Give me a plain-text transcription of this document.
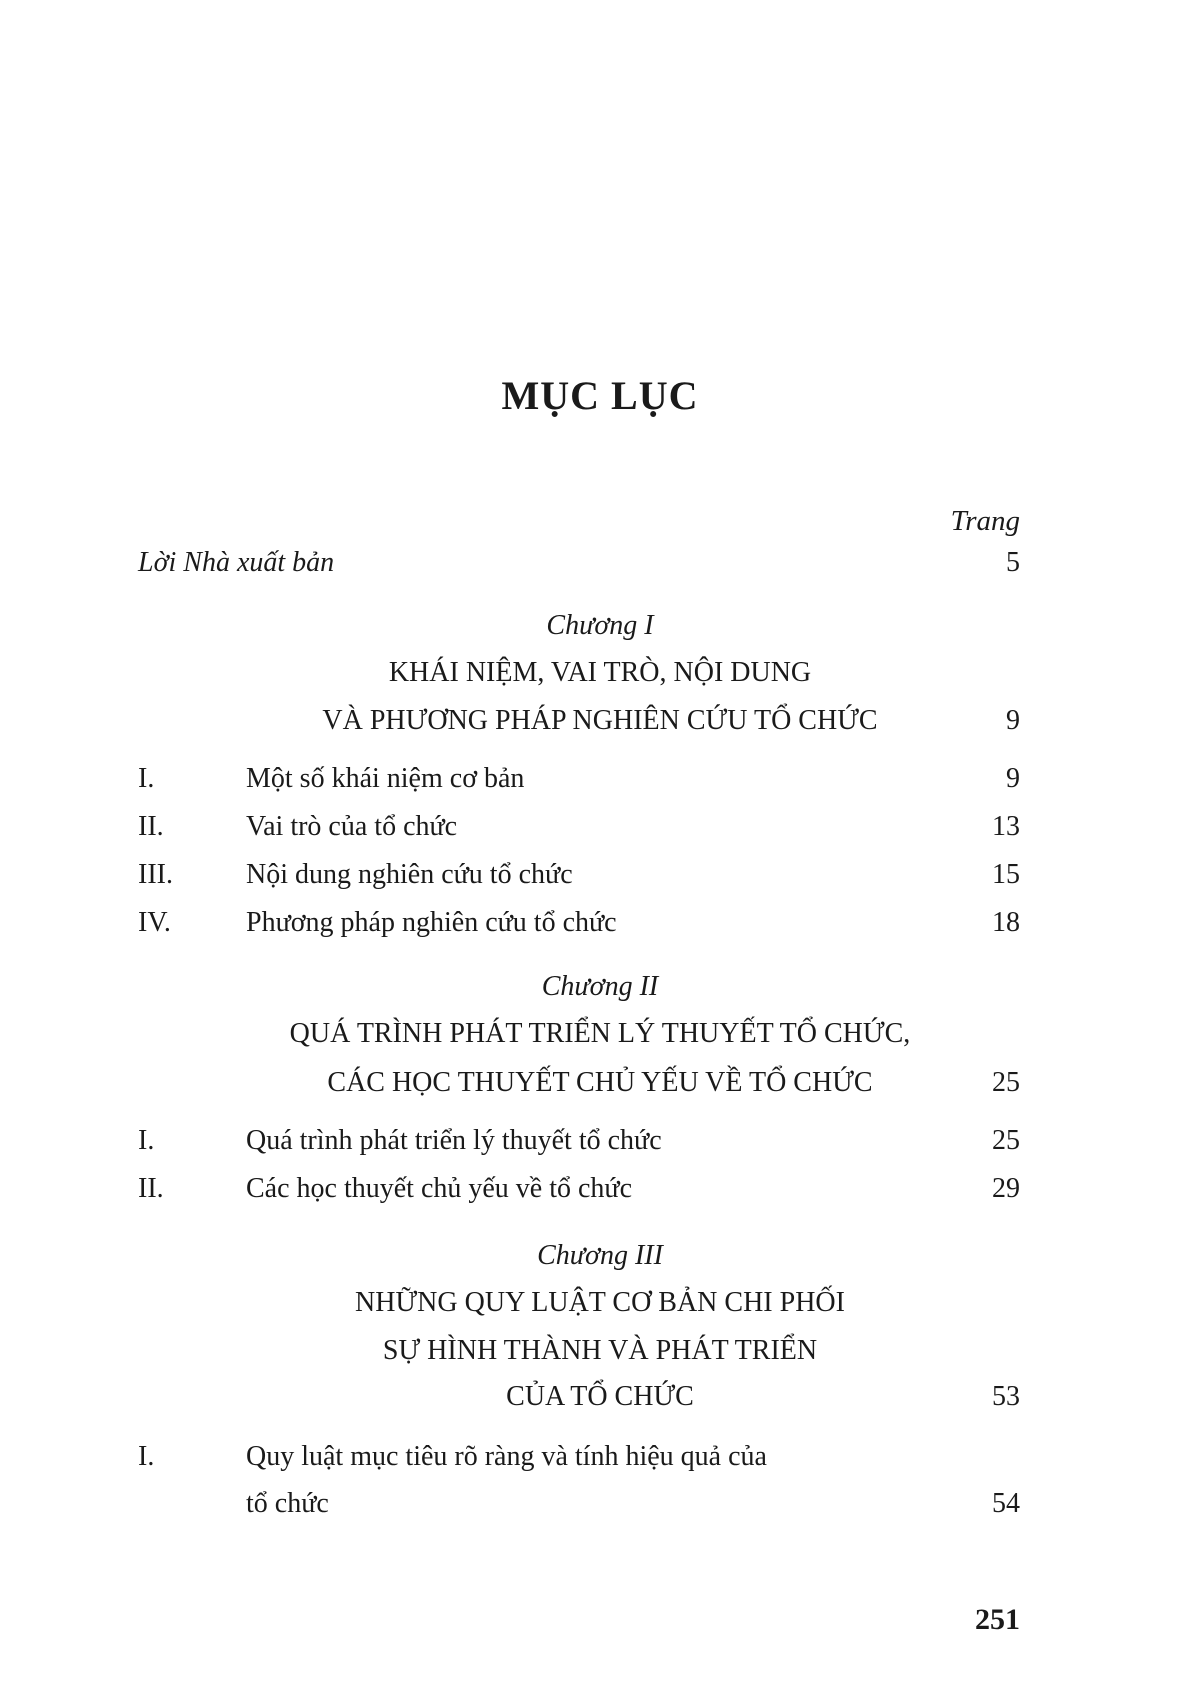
MỤC LỤC
Trang
Lời Nhà xuất bản	5
Chương I
KHÁI NIỆM, VAI TRÒ, NỘI DUNG
VÀ PHƯƠNG PHÁP NGHIÊN CỨU TỔ CHỨC	9
I.	Một số khái niệm cơ bản	9
II.	Vai trò của tổ chức	13
III.	Nội dung nghiên cứu tổ chức	15
IV.	Phương pháp nghiên cứu tổ chức	18
Chương II
QUÁ TRÌNH PHÁT TRIỂN LÝ THUYẾT TỔ CHỨC,
CÁC HỌC THUYẾT CHỦ YẾU VỀ TỔ CHỨC	25
I.	Quá trình phát triển lý thuyết tổ chức	25
II.	Các học thuyết chủ yếu về tổ chức	29
Chương III
NHỮNG QUY LUẬT CƠ BẢN CHI PHỐI
SỰ HÌNH THÀNH VÀ PHÁT TRIỂN
CỦA TỔ CHỨC	53
I.	Quy luật mục tiêu rõ ràng và tính hiệu quả của
tổ chức	54
251
